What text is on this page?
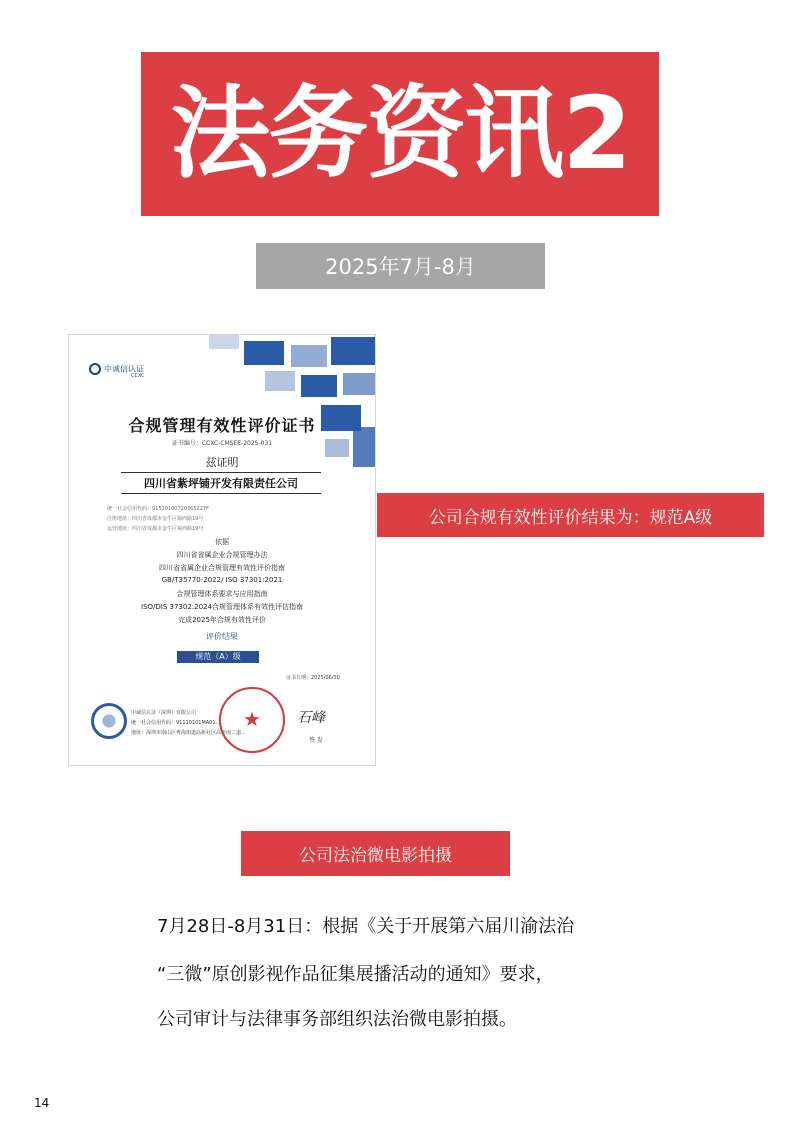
法务资讯2
2025年7月-8月
中诚信认证
CCXC
合规管理有效性评价证书
证书编号：CCXC-CMSEE-2025-031
兹证明
四川省紫坪铺开发有限责任公司
统一社会信用代码：91510100720365227F
注册地址：四川省成都市金牛区蜀西路19号
运营地址：四川省成都市金牛区蜀西路19号
依据
四川省省属企业合规管理办法
四川省省属企业合规管理有效性评价指南
GB/T35770-2022/ ISO 37301:2021
合规管理体系要求与应用指南
ISO/DIS 37302:2024合规管理体系有效性评估指南
完成2025年合规有效性评价
评价结果
规范（A）级
证书日期：2025/06/30
中诚信认证（深圳）有限公司
统一社会信用代码：91110101MA01...
地址：深圳市南山区粤海街道高新社区高新南三道...
★	石峰
签 发
公司合规有效性评价结果为：规范A级
公司法治微电影拍摄
7月28日-8月31日：根据《关于开展第六届川渝法治
“三微”原创影视作品征集展播活动的通知》要求，
公司审计与法律事务部组织法治微电影拍摄。
14
